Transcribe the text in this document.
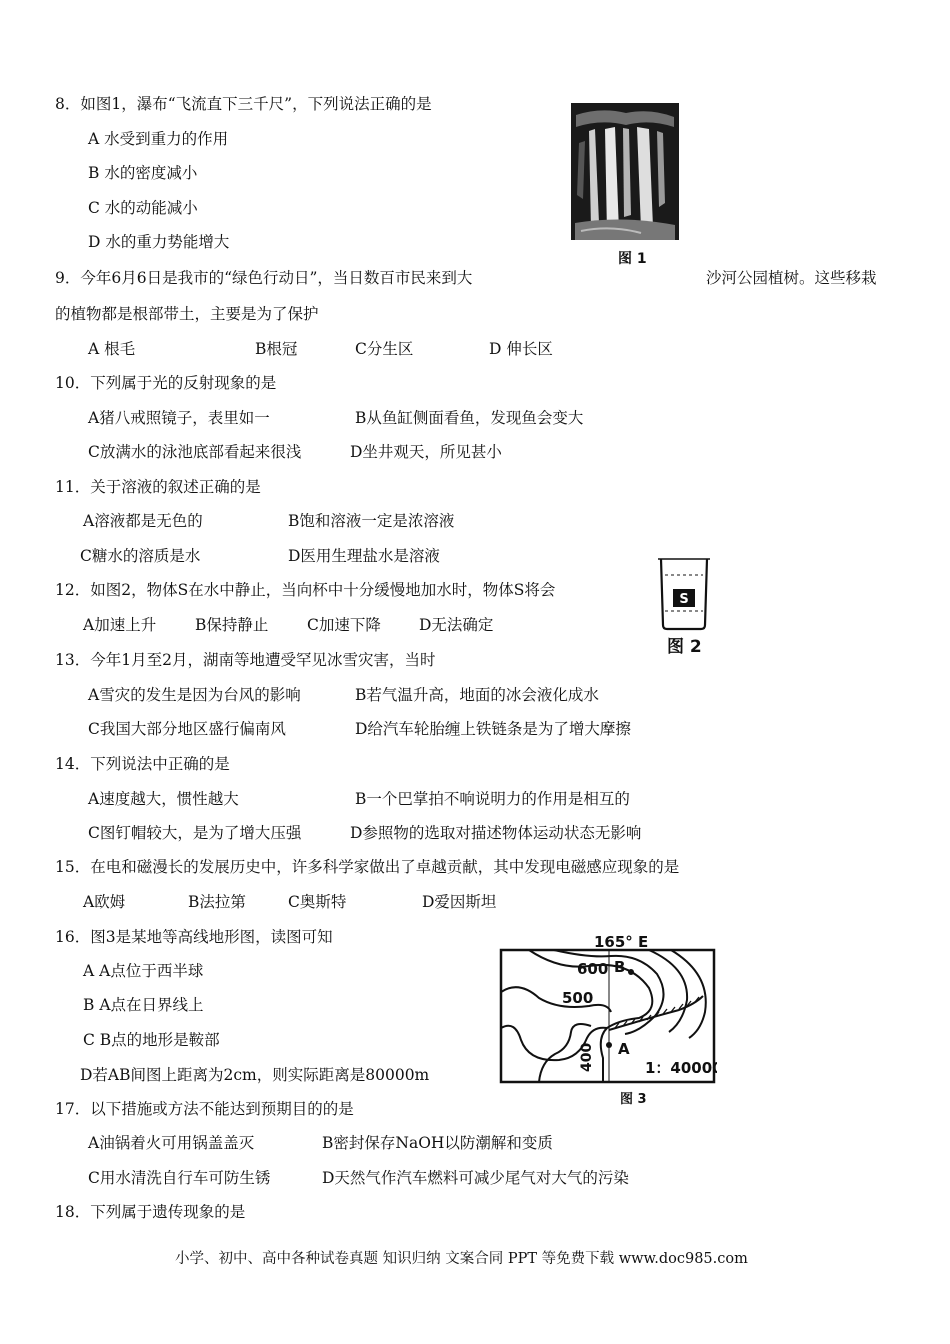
8．如图1，瀑布“飞流直下三千尺”，下列说法正确的是
A 水受到重力的作用
B 水的密度减小
C 水的动能减小
D 水的重力势能增大
图 1
9．今年6月6日是我市的“绿色行动日”，当日数百市民来到大	沙河公园植树。这些移栽
的植物都是根部带土，主要是为了保护
A 根毛	B根冠	C分生区	D 伸长区
10．下列属于光的反射现象的是
A猪八戒照镜子，表里如一	B从鱼缸侧面看鱼，发现鱼会变大
C放满水的泳池底部看起来很浅	D坐井观天，所见甚小
11．关于溶液的叙述正确的是
A溶液都是无色的	B饱和溶液一定是浓溶液
C糖水的溶质是水	D医用生理盐水是溶液
12．如图2，物体S在水中静止，当向杯中十分缓慢地加水时，物体S将会
A加速上升	B保持静止 C加速下降 D无法确定
S
图 2
13．今年1月至2月，湖南等地遭受罕见冰雪灾害，当时
A雪灾的发生是因为台风的影响	B若气温升高，地面的冰会液化成水
C我国大部分地区盛行偏南风	D给汽车轮胎缠上铁链条是为了增大摩擦
14．下列说法中正确的是
A速度越大，惯性越大	B一个巴掌拍不响说明力的作用是相互的
C图钉帽较大，是为了增大压强	D参照物的选取对描述物体运动状态无影响
15．在电和磁漫长的发展历史中，许多科学家做出了卓越贡献，其中发现电磁感应现象的是
A欧姆	B法拉第	C奥斯特	D爱因斯坦
16．图3是某地等高线地形图，读图可知
A A点位于西半球
B A点在日界线上
C B点的地形是鞍部
D若AB间图上距离为2cm，则实际距离是80000m
165° E
600
500
400
B
A
1：40000
图 3
17．以下措施或方法不能达到预期目的的是
A油锅着火可用锅盖盖灭	B密封保存NaOH以防潮解和变质
C用水清洗自行车可防生锈	D天然气作汽车燃料可减少尾气对大气的污染
18．下列属于遗传现象的是
小学、初中、高中各种试卷真题 知识归纳 文案合同 PPT 等免费下载 www.doc985.com
